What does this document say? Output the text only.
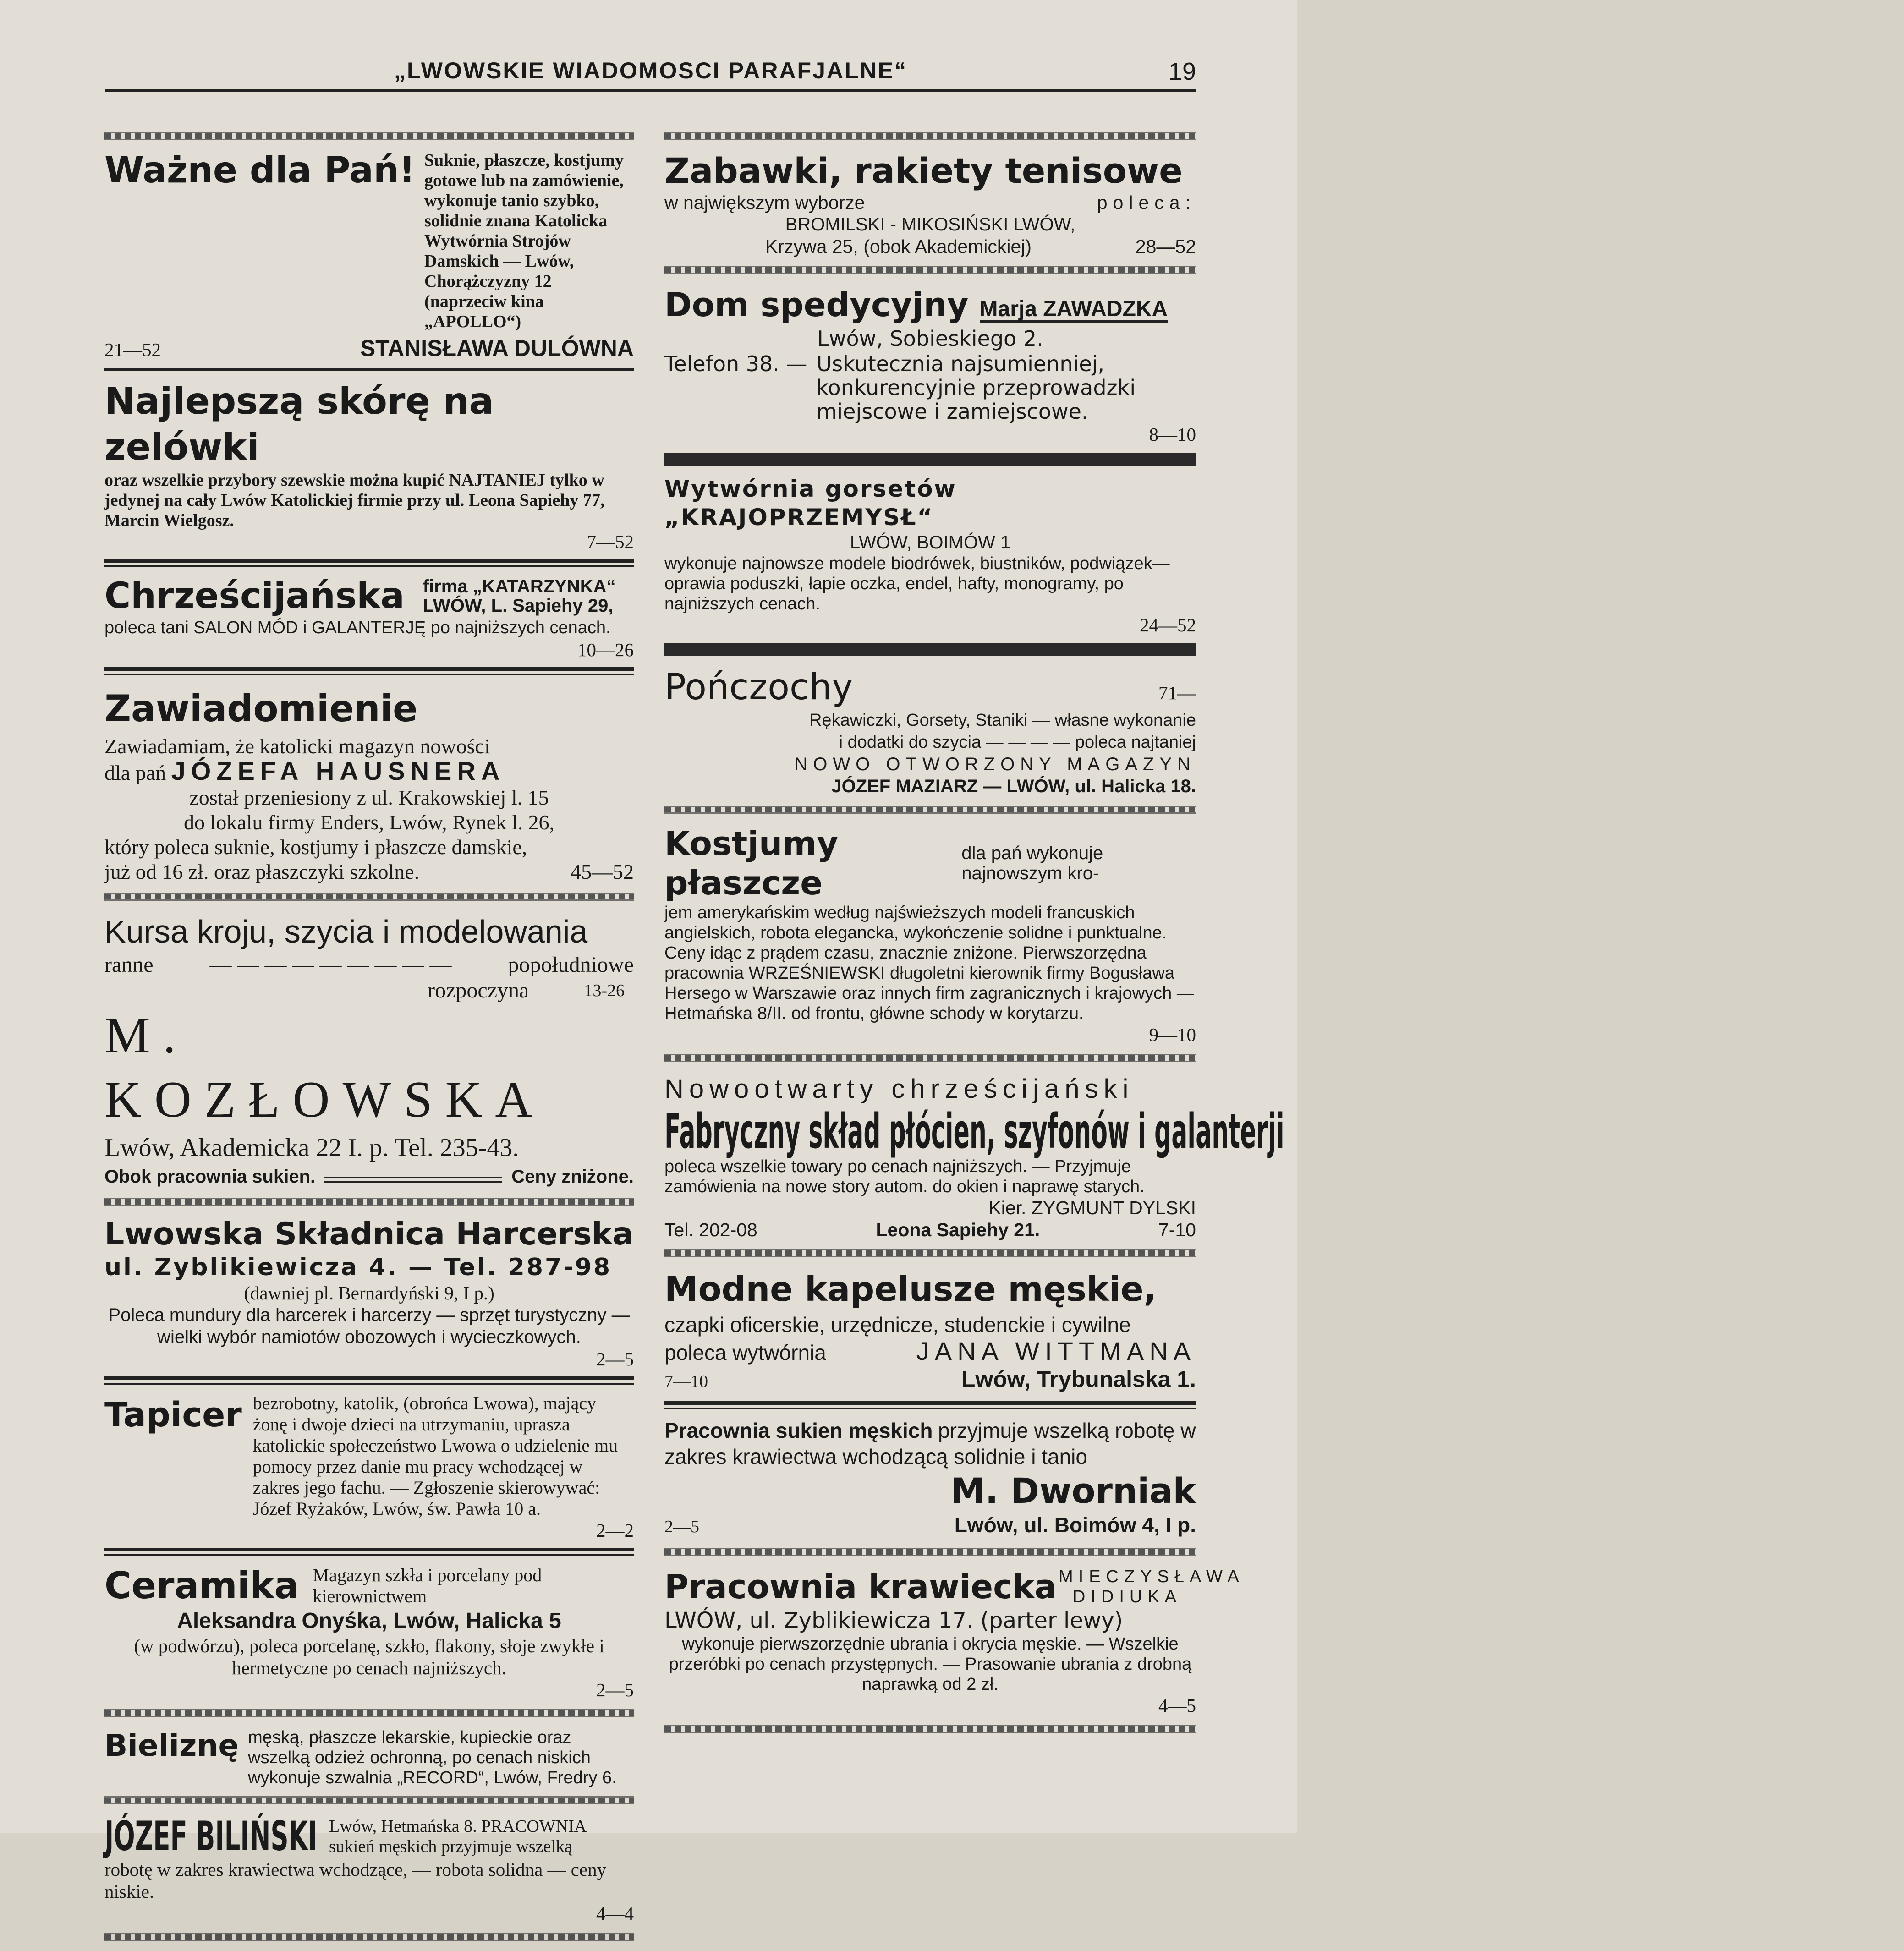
„LWOWSKIE WIADOMOSCI PARAFJALNE“	19
Ważne dla Pań! Suknie, płaszcze, kostjumy gotowe lub na zamówienie, wykonuje tanio szybko, solidnie znana Katolicka Wytwórnia Strojów Damskich — Lwów, Chorążczyzny 12 (naprzeciw kina „APOLLO“)
21—52	STANISŁAWA DULÓWNA
Najlepszą skórę na zelówki
oraz wszelkie przybory szewskie można kupić NAJTANIEJ tylko w jedynej na cały Lwów Katolickiej firmie przy ul. Leona Sapiehy 77, Marcin Wielgosz.
7—52
Chrześcijańska firma „KATARZYNKA“
LWÓW, L. Sapiehy 29,
poleca tani SALON MÓD i GALANTERJĘ po najniższych cenach.
10—26
Zawiadomienie
Zawiadamiam, że katolicki magazyn nowości
dla pań JÓZEFA HAUSNERA
został przeniesiony z ul. Krakowskiej l. 15
do lokalu firmy Enders, Lwów, Rynek l. 26,
który poleca suknie, kostjumy i płaszcze damskie,
już od 16 zł. oraz płaszczyki szkolne.	45—52
Kursa kroju, szycia i modelowania
ranne	— — — — — — — — —	popołudniowe
rozpoczyna	13-26
M. KOZŁOWSKA
Lwów, Akademicka 22 I. p. Tel. 235-43.
Obok pracownia sukien.	Ceny zniżone.
Lwowska Składnica Harcerska
ul. Zyblikiewicza 4. — Tel. 287-98
(dawniej pl. Bernardyński 9, I p.)
Poleca mundury dla harcerek i harcerzy — sprzęt turystyczny — wielki wybór namiotów obozowych i wycieczkowych.
2—5
Tapicer bezrobotny, katolik, (obrońca Lwowa), mający żonę i dwoje dzieci na utrzymaniu, uprasza katolickie społeczeństwo Lwowa o udzielenie mu pomocy przez danie mu pracy wchodzącej w zakres jego fachu. — Zgłoszenie skierowywać: Józef Ryżaków, Lwów, św. Pawła 10 a.
2—2
Ceramika Magazyn szkła i porcelany pod kierownictwem
Aleksandra Onyśka, Lwów, Halicka 5
(w podwórzu), poleca porcelanę, szkło, flakony, słoje zwykłe i hermetyczne po cenach najniższych.
2—5
Bieliznę męską, płaszcze lekarskie, kupieckie oraz wszelką odzież ochronną, po cenach niskich wykonuje szwalnia „RECORD“, Lwów, Fredry 6.
JÓZEF BILIŃSKI Lwów, Hetmańska 8. PRACOWNIA sukień męskich przyjmuje wszelką
robotę w zakres krawiectwa wchodzące, — robota solidna — ceny niskie.
4—4
Zabawki, rakiety tenisowe
w największym wyborze	poleca:
BROMILSKI - MIKOSIŃSKI LWÓW,
Krzywa 25, (obok Akademickiej)	28—52
Dom spedycyjny Marja ZAWADZKA
Lwów, Sobieskiego 2.
Telefon 38. — Uskutecznia najsumienniej, konkurencyjnie przeprowadzki miejscowe i zamiejscowe.
8—10
Wytwórnia gorsetów „KRAJOPRZEMYSŁ“
LWÓW, BOIMÓW 1
wykonuje najnowsze modele biodrówek, biustników, podwiązek—oprawia poduszki, łapie oczka, endel, hafty, monogramy, po najniższych cenach.
24—52
Pończochy	71—
Rękawiczki, Gorsety, Staniki — własne wykonanie
i dodatki do szycia — — — — poleca najtaniej
NOWO OTWORZONY MAGAZYN
JÓZEF MAZIARZ — LWÓW, ul. Halicka 18.
Kostjumy płaszcze
dla pań wykonuje najnowszym kro-
jem amerykańskim według najświeższych modeli francuskich angielskich, robota elegancka, wykończenie solidne i punktualne. Ceny idąc z prądem czasu, znacznie zniżone. Pierwszorzędna pracownia WRZEŚNIEWSKI długoletni kierownik firmy Bogusława Hersego w Warszawie oraz innych firm zagranicznych i krajowych — Hetmańska 8/II. od frontu, główne schody w korytarzu.
9—10
Nowootwarty chrześcijański
Fabryczny skład płócien, szyfonów i galanterji
poleca wszelkie towary po cenach najniższych. — Przyjmuje zamówienia na nowe story autom. do okien i naprawę starych.
Kier. ZYGMUNT DYLSKI
Tel. 202-08	Leona Sapiehy 21.	7-10
Modne kapelusze męskie,
czapki oficerskie, urzędnicze, studenckie i cywilne
poleca wytwórnia	JANA WITTMANA
7—10	Lwów, Trybunalska 1.
Pracownia sukien męskich przyjmuje wszelką robotę w zakres krawiectwa wchodzącą solidnie i tanio
M. Dworniak
2—5	Lwów, ul. Boimów 4, I p.
Pracownia krawiecka MIECZYSŁAWA DIDIUKA
LWÓW, ul. Zyblikiewicza 17. (parter lewy)
wykonuje pierwszorzędnie ubrania i okrycia męskie. — Wszelkie przeróbki po cenach przystępnych. — Prasowanie ubrania z drobną naprawką od 2 zł.
4—5
